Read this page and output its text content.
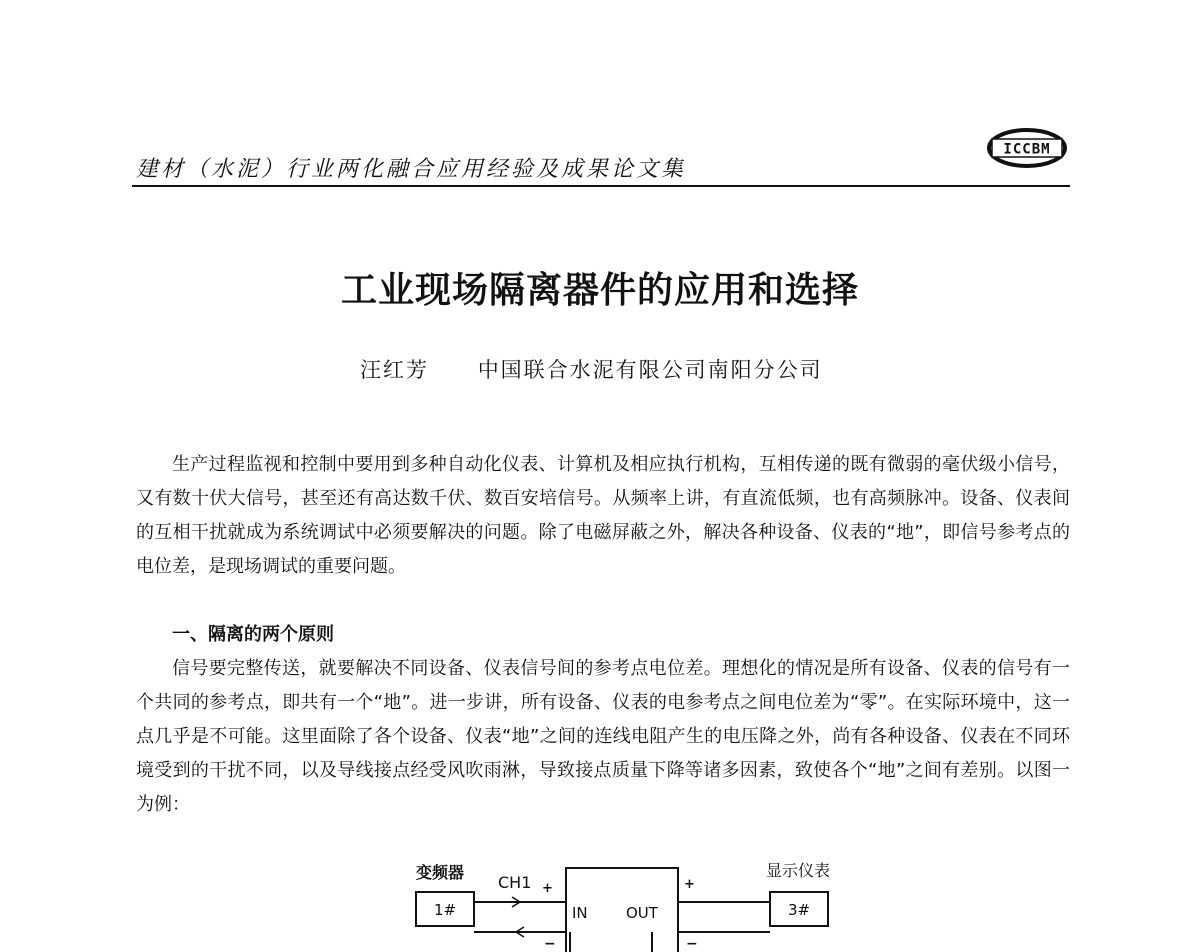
建材（水泥）行业两化融合应用经验及成果论文集
ICCBM
工业现场隔离器件的应用和选择
汪红芳 中国联合水泥有限公司南阳分公司

生产过程监视和控制中要用到多种自动化仪表、计算机及相应执行机构，互相传递的既有微弱的毫伏级小信号，又有数十伏大信号，甚至还有高达数千伏、数百安培信号。从频率上讲，有直流低频，也有高频脉冲。设备、仪表间的互相干扰就成为系统调试中必须要解决的问题。除了电磁屏蔽之外，解决各种设备、仪表的“地”，即信号参考点的电位差，是现场调试的重要问题。

一、隔离的两个原则

信号要完整传送，就要解决不同设备、仪表信号间的参考点电位差。理想化的情况是所有设备、仪表的信号有一个共同的参考点，即共有一个“地”。进一步讲，所有设备、仪表的电参考点之间电位差为“零”。在实际环境中，这一点几乎是不可能。这里面除了各个设备、仪表“地”之间的连线电阻产生的电压降之外，尚有各种设备、仪表在不同环境受到的干扰不同，以及导线接点经受风吹雨淋，导致接点质量下降等诸多因素，致使各个“地”之间有差别。以图一为例：

变频器
1#
CH1 +
−
IN	OUT
+
−
显示仪表
3#
